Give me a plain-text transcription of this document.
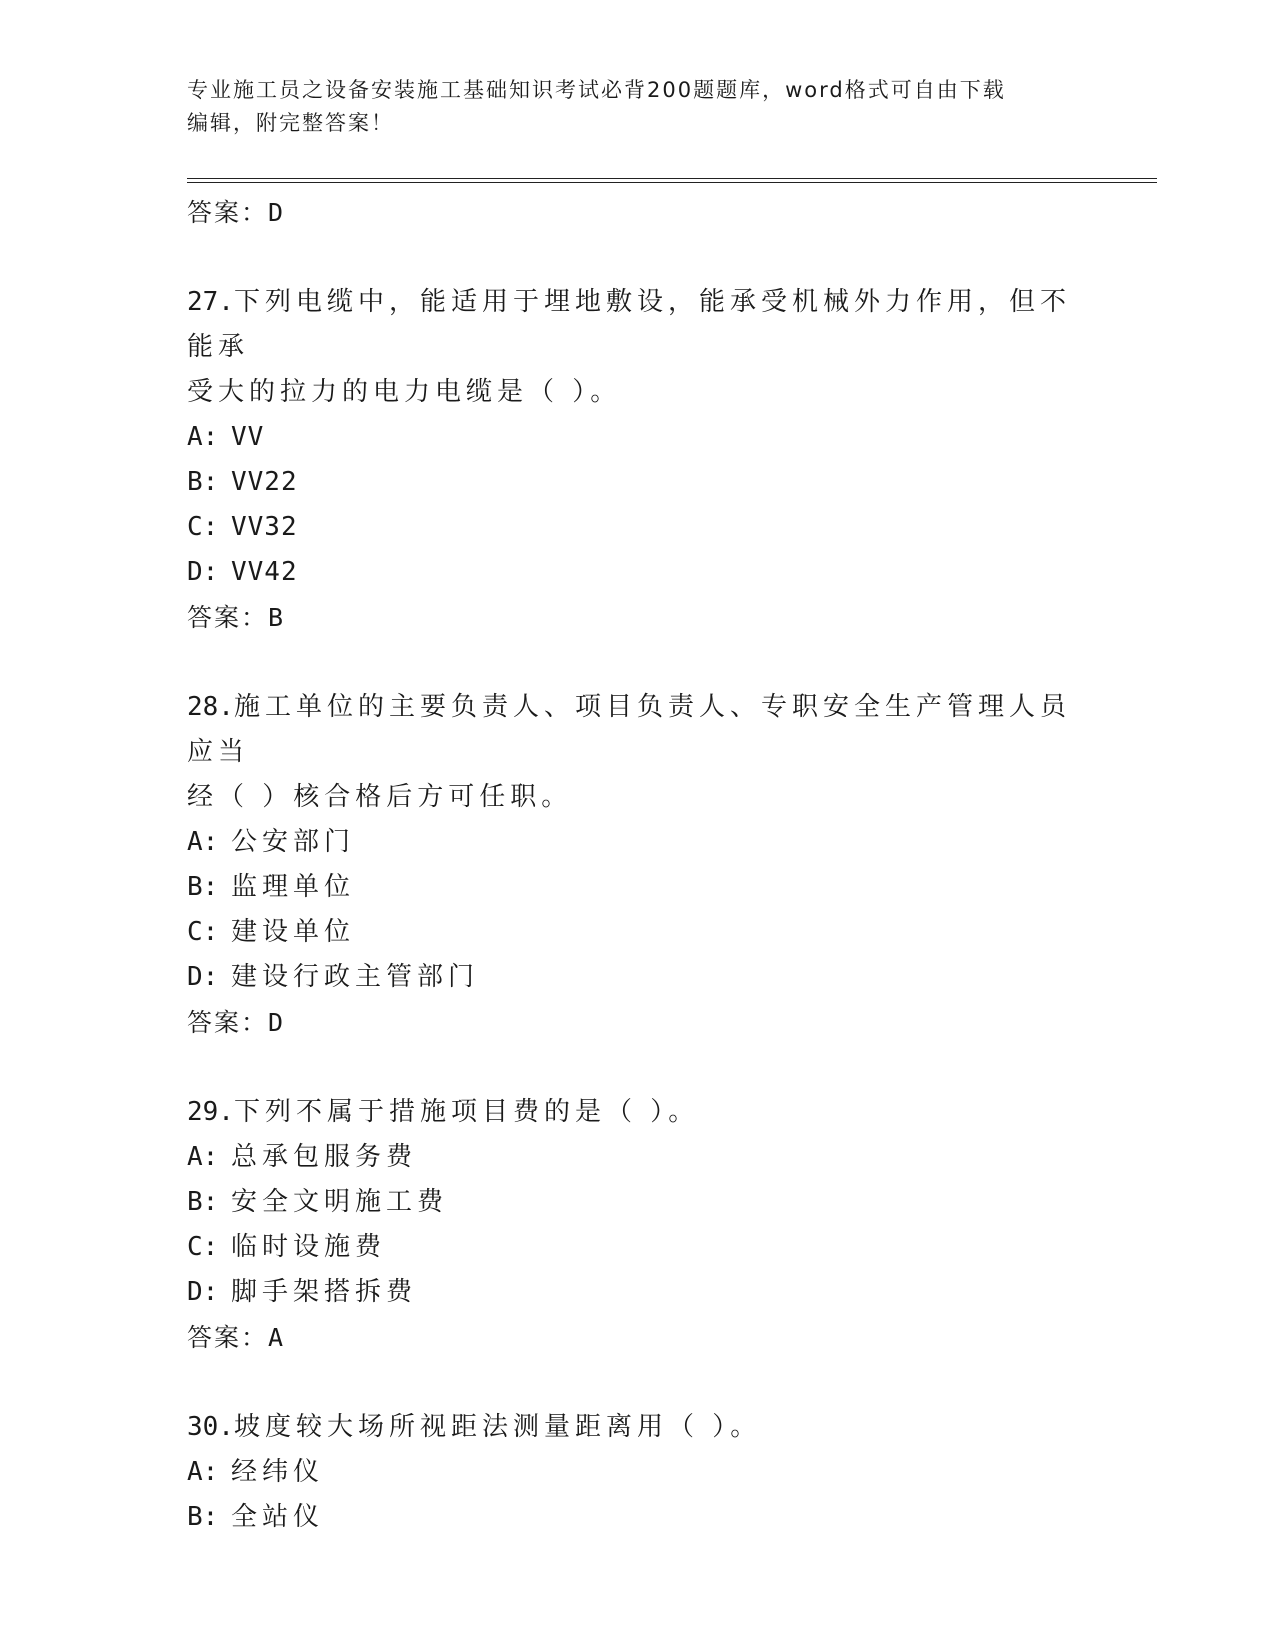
专业施工员之设备安装施工基础知识考试必背200题题库，word格式可自由下载
编辑，附完整答案！
答案：D
27.下列电缆中，能适用于埋地敷设，能承受机械外力作用，但不能承
受大的拉力的电力电缆是（ ）。
A: VV
B: VV22
C: VV32
D: VV42
答案：B
28.施工单位的主要负责人、项目负责人、专职安全生产管理人员应当
经（ ）核合格后方可任职。
A: 公安部门
B: 监理单位
C: 建设单位
D: 建设行政主管部门
答案：D
29.下列不属于措施项目费的是（ ）。
A: 总承包服务费
B: 安全文明施工费
C: 临时设施费
D: 脚手架搭拆费
答案：A
30.坡度较大场所视距法测量距离用（ ）。
A: 经纬仪
B: 全站仪
